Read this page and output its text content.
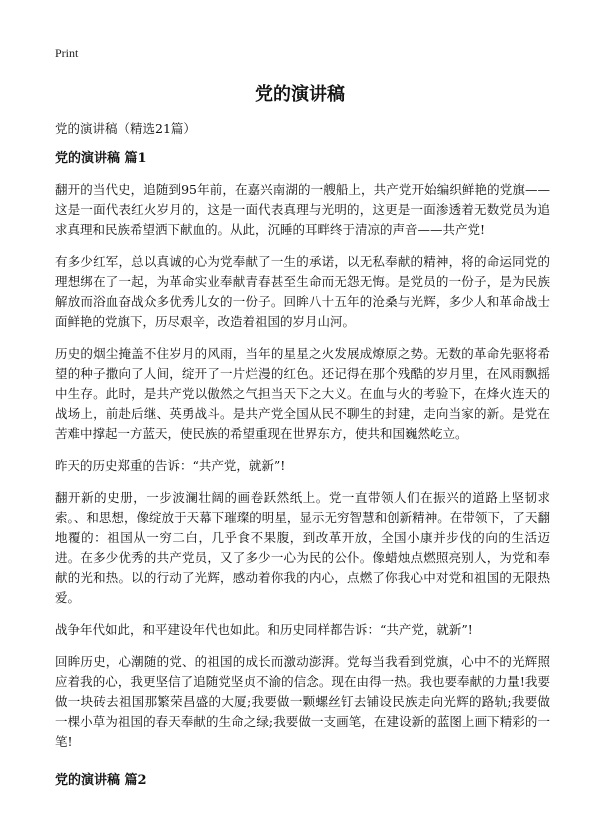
Print
党的演讲稿

党的演讲稿（精选21篇）

党的演讲稿 篇1

翻开的当代史，追随到95年前，在嘉兴南湖的一艘船上，共产党开始编织鲜艳的党旗——这是一面代表红火岁月的，这是一面代表真理与光明的，这更是一面渗透着无数党员为追求真理和民族希望洒下献血的。从此，沉睡的耳畔终于清凉的声音——共产党!

有多少红军，总以真诚的心为党奉献了一生的承诺，以无私奉献的精神，将的命运同党的理想绑在了一起，为革命实业奉献青春甚至生命而无怨无悔。是党员的一份子，是为民族解放而浴血奋战众多优秀儿女的一份子。回眸八十五年的沧桑与光辉，多少人和革命战士面鲜艳的党旗下，历尽艰辛，改造着祖国的岁月山河。

历史的烟尘掩盖不住岁月的风雨，当年的星星之火发展成燎原之势。无数的革命先驱将希望的种子撒向了人间，绽开了一片烂漫的红色。还记得在那个残酷的岁月里，在风雨飘摇中生存。此时，是共产党以傲然之气担当天下之大义。在血与火的考验下，在烽火连天的战场上，前赴后继、英勇战斗。是共产党全国从民不聊生的封建，走向当家的新。是党在苦难中撑起一方蓝天，使民族的希望重现在世界东方，使共和国巍然屹立。

昨天的历史郑重的告诉：“共产党，就新”!

翻开新的史册，一步波澜壮阔的画卷跃然纸上。党一直带领人们在振兴的道路上坚韧求索。、和思想，像绽放于天幕下璀璨的明星，显示无穷智慧和创新精神。在带领下，了天翻地覆的：祖国从一穷二白，几乎食不果腹，到改革开放，全国小康并步伐的向的生活迈进。在多少优秀的共产党员，又了多少一心为民的公仆。像蜡烛点燃照亮别人，为党和奉献的光和热。以的行动了光辉，感动着你我的内心，点燃了你我心中对党和祖国的无限热爱。

战争年代如此，和平建设年代也如此。和历史同样都告诉：“共产党，就新”!

回眸历史，心潮随的党、的祖国的成长而激动澎湃。党每当我看到党旗，心中不的光辉照应着我的心，我更坚信了追随党坚贞不渝的信念。现在由得一热。我也要奉献的力量!我要做一块砖去祖国那繁荣昌盛的大厦;我要做一颗螺丝钉去铺设民族走向光辉的路轨;我要做一棵小草为祖国的春天奉献的生命之绿;我要做一支画笔，在建设新的蓝图上画下精彩的一笔!

党的演讲稿 篇2
